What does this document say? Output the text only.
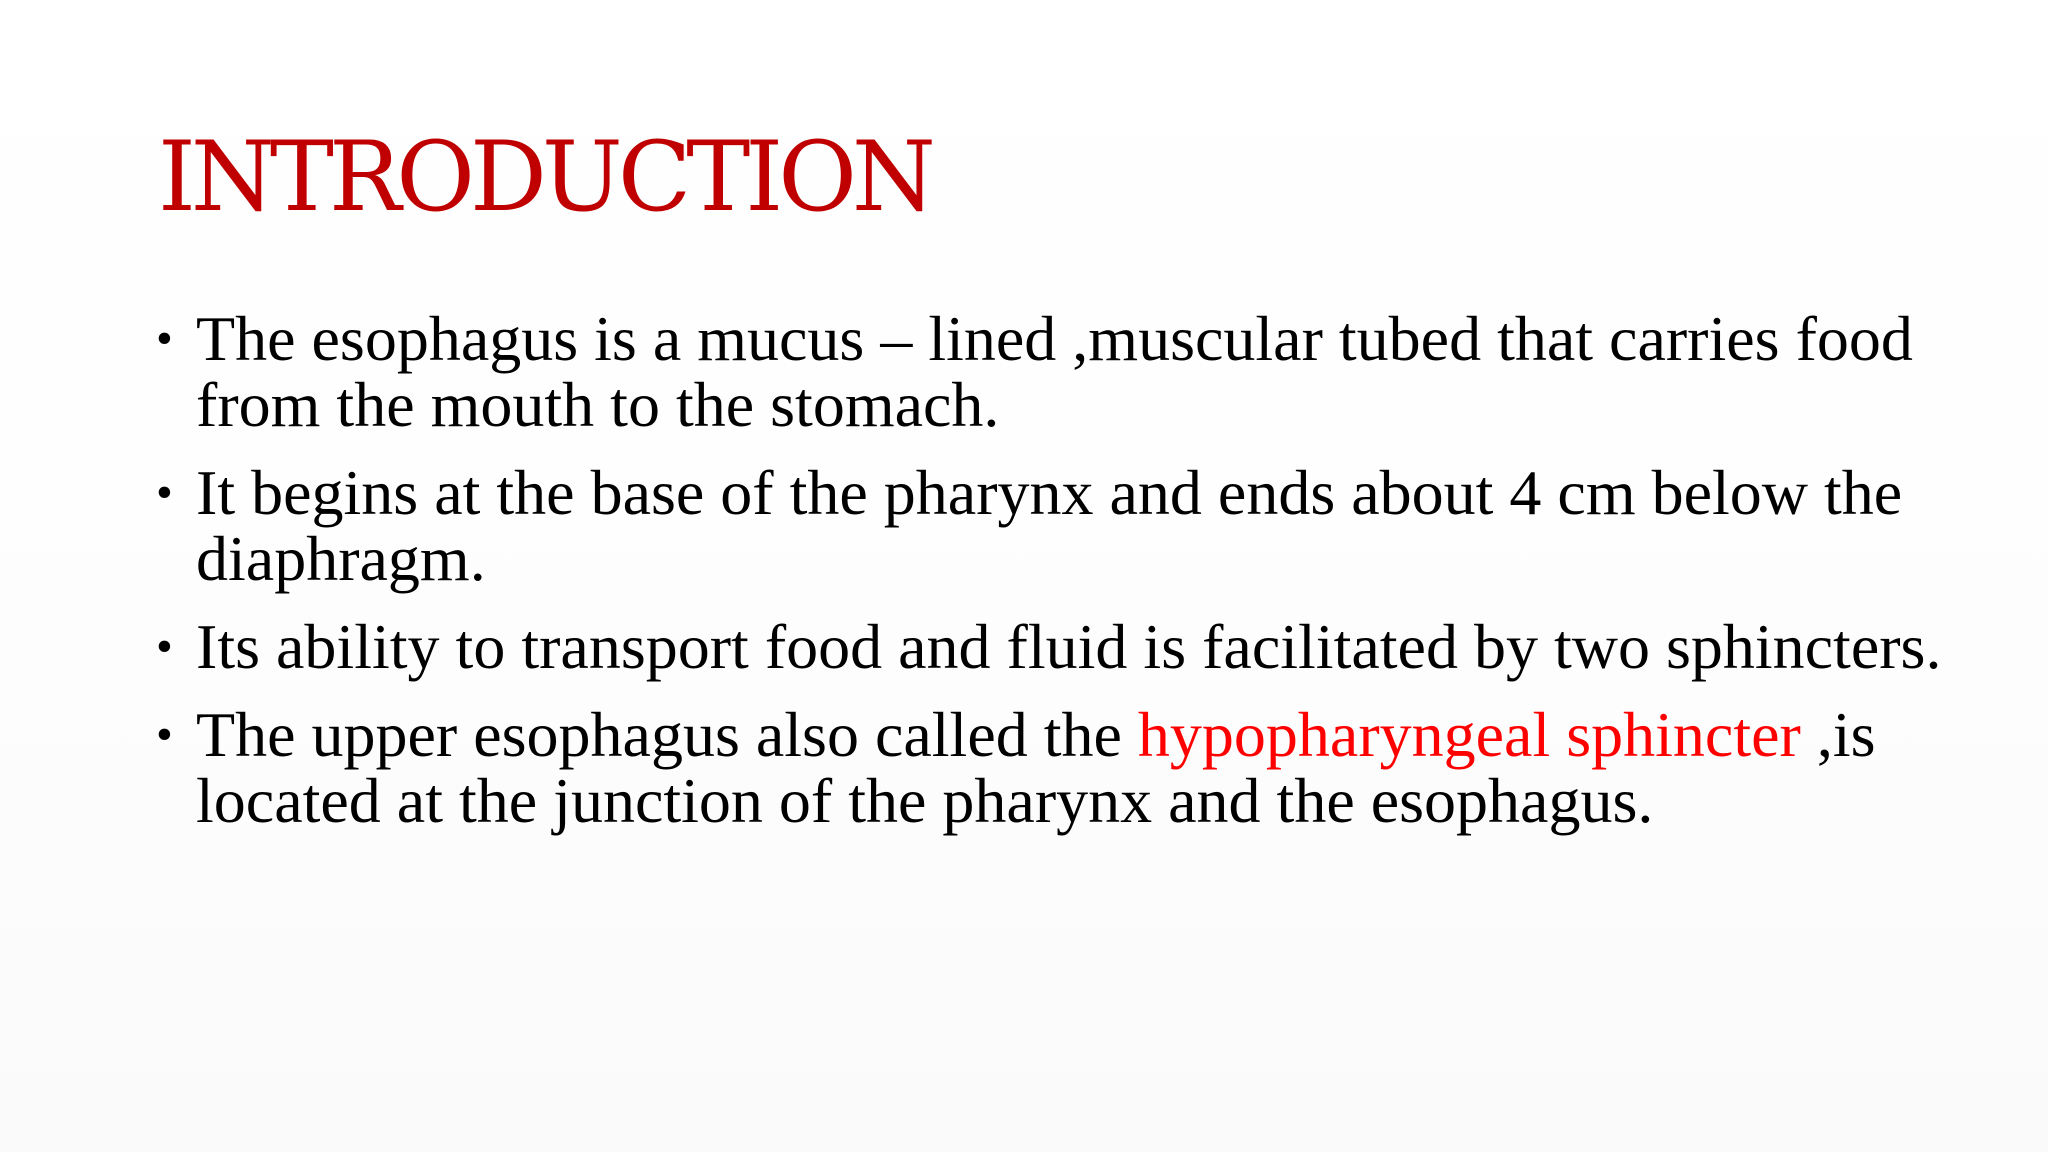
INTRODUCTION
• The esophagus is a mucus – lined ,muscular tubed that carries food from the mouth to the stomach.
• It begins at the base of the pharynx and ends about 4 cm below the diaphragm.
• Its ability to transport food and fluid is facilitated by two sphincters.
• The upper esophagus also called the hypopharyngeal sphincter ,is located at the junction of the pharynx and the esophagus.
